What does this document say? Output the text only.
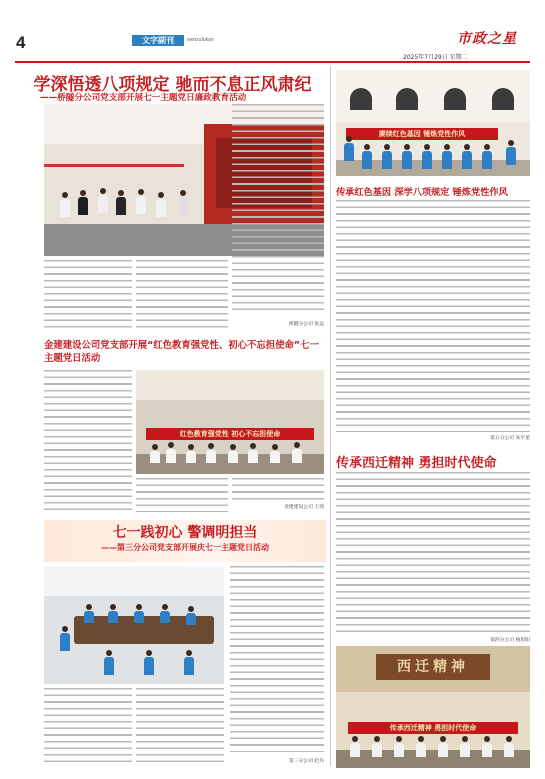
4	文字副刊	wenzufukan	市政之星
2025年7月29日 星期二
学深悟透八项规定 驰而不息正风肃纪
——桥隧分公司党支部开展七一主题党日廉政教育活动
桥隧分公司 张远
金建建设公司党支部开展“红色教育强党性、初心不忘担使命”七一主题党日活动
红色教育强党性 初心不忘担使命
金建建设公司 王茜
七一践初心 警调明担当
——第三分公司党支部开展庆七一主题党日活动
第三分公司 赵丹
赓续红色基因 锤炼党性作风
传承红色基因 深学八项规定 锤炼党性作风
第五分公司 朱宇星
传承西迁精神 勇担时代使命
第四分公司 杨思阳
西迁精神
传承西迁精神 勇担时代使命
